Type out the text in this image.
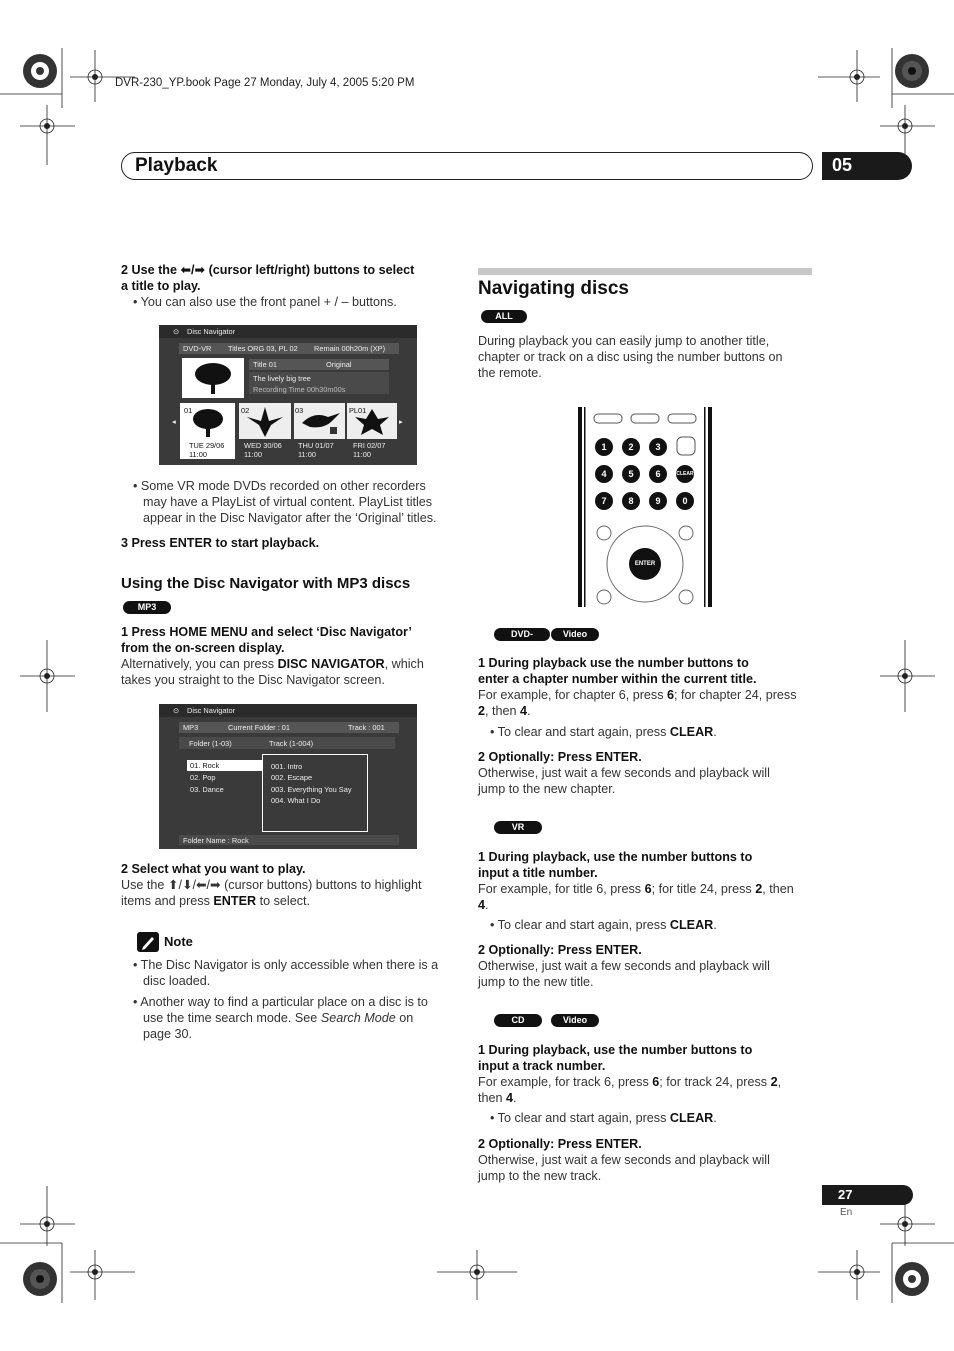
DVR-230_YP.book Page 27 Monday, July 4, 2005 5:20 PM
Playback	05
2 Use the ⬅/➡ (cursor left/right) buttons to select
a title to play.
• You can also use the front panel + / – buttons.
⊙ Disc Navigator
DVD-VR Titles ORG 03, PL 02 Remain 00h20m (XP)
Title 01	Original
The lively big tree
Recording Time 00h30m00s
◂	▸
01	02	03	PL01
TUE 29/06
11:00
WED 30/06
11:00
THU 01/07
11:00
FRI 02/07
11:00
• Some VR mode DVDs recorded on other recorders
may have a PlayList of virtual content. PlayList titles
appear in the Disc Navigator after the ‘Original’ titles.
3 Press ENTER to start playback.
Using the Disc Navigator with MP3 discs
MP3
1 Press HOME MENU and select ‘Disc Navigator’
from the on-screen display.
Alternatively, you can press DISC NAVIGATOR, which
takes you straight to the Disc Navigator screen.
⊙ Disc Navigator
MP3	Current Folder : 01	Track : 001
Folder (1-03)	Track (1-004)
01. Rock
02. Pop
03. Dance
001. Intro
002. Escape
003. Everything You Say
004. What I Do
Folder Name : Rock
2 Select what you want to play.
Use the ⬆/⬇/⬅/➡ (cursor buttons) buttons to highlight
items and press ENTER to select.
Note
• The Disc Navigator is only accessible when there is a
disc loaded.
• Another way to find a particular place on a disc is to
use the time search mode. See Search Mode on
page 30.
Navigating discs
ALL
During playback you can easily jump to another title,
chapter or track on a disc using the number buttons on
the remote.
1	2	3
4	5	6	CLEAR
7	8	9	0
ENTER
DVD-Video
Video mode
1 During playback use the number buttons to
enter a chapter number within the current title.
For example, for chapter 6, press 6; for chapter 24, press
2, then 4.
• To clear and start again, press CLEAR.
2 Optionally: Press ENTER.
Otherwise, just wait a few seconds and playback will
jump to the new chapter.
VR mode
1 During playback, use the number buttons to
input a title number.
For example, for title 6, press 6; for title 24, press 2, then
4.
• To clear and start again, press CLEAR.
2 Optionally: Press ENTER.
Otherwise, just wait a few seconds and playback will
jump to the new title.
CD	Video CD
1 During playback, use the number buttons to
input a track number.
For example, for track 6, press 6; for track 24, press 2,
then 4.
• To clear and start again, press CLEAR.
2 Optionally: Press ENTER.
Otherwise, just wait a few seconds and playback will
jump to the new track.
27
En
